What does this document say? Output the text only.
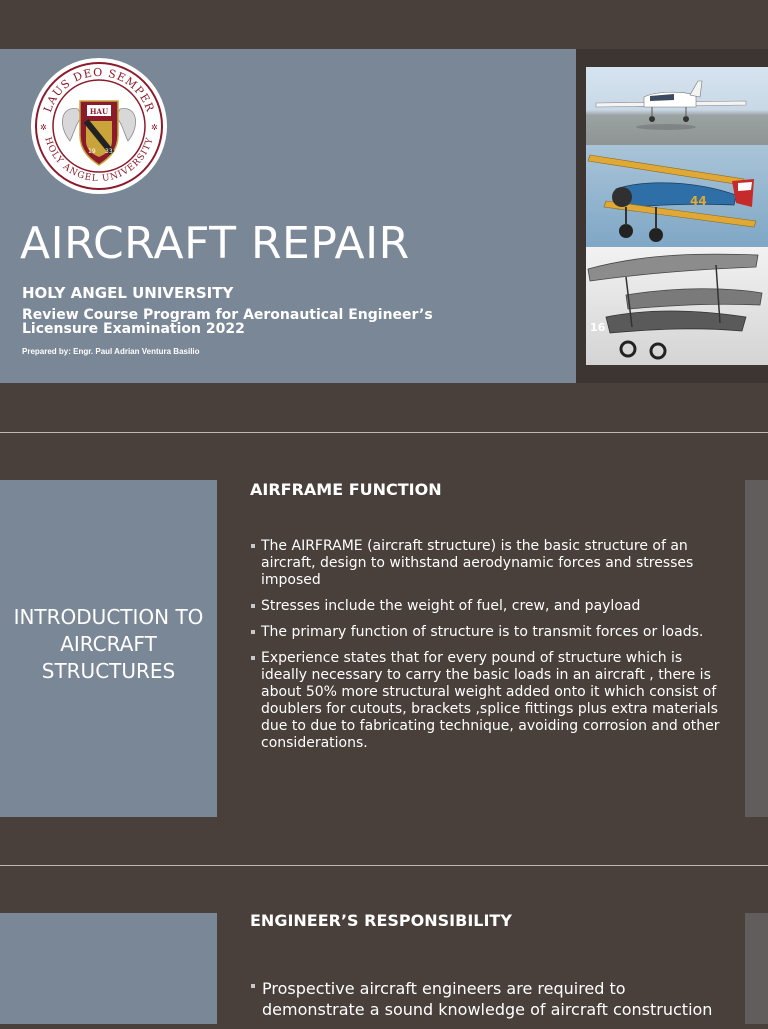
LAUS DEO SEMPER
HOLY ANGEL UNIVERSITY
✲	✲
HAU
19 33
AIRCRAFT REPAIR
HOLY ANGEL UNIVERSITY
Review Course Program for Aeronautical Engineer’s Licensure Examination 2022
Prepared by: Engr. Paul Adrian Ventura Basilio
44
16
INTRODUCTION TO AIRCRAFT STRUCTURES
AIRFRAME FUNCTION
The AIRFRAME (aircraft structure) is the basic structure of an aircraft, design to withstand aerodynamic forces and stresses imposed
Stresses include the weight of fuel, crew, and payload
The primary function of structure is to transmit forces or loads.
Experience states that for every pound of structure which is ideally necessary to carry the basic loads in an aircraft , there is about 50% more structural weight added onto it which consist of doublers for cutouts, brackets ,splice fittings plus extra materials due to due to fabricating technique, avoiding corrosion and other considerations.
ENGINEER’S RESPONSIBILITY
Prospective aircraft engineers are required to demonstrate a sound knowledge of aircraft construction
